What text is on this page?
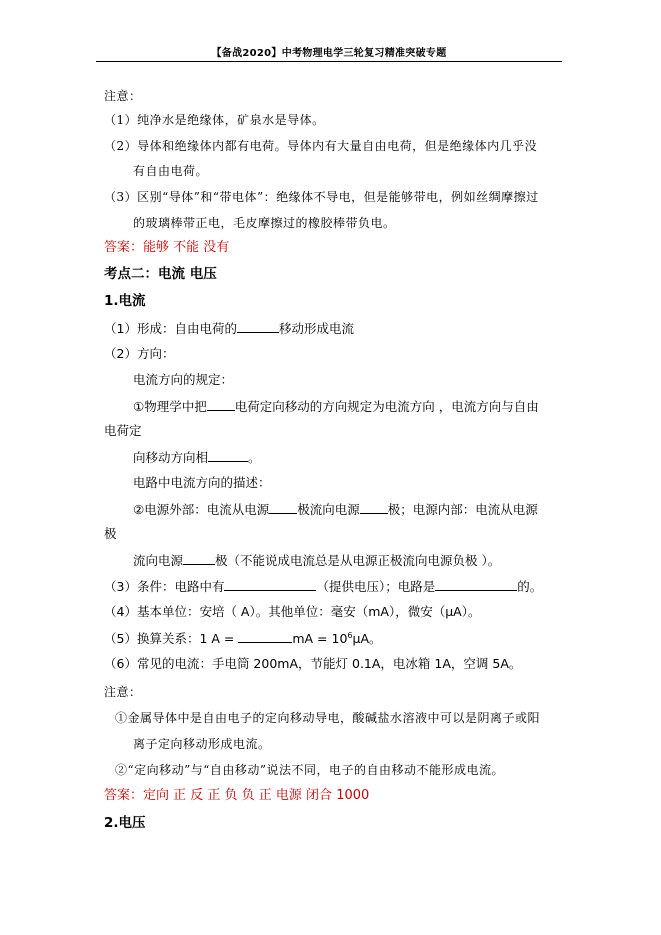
【备战2020】中考物理电学三轮复习精准突破专题
注意：
（1）纯净水是绝缘体，矿泉水是导体。
（2）导体和绝缘体内都有电荷。导体内有大量自由电荷，但是绝缘体内几乎没
有自由电荷。
（3）区别“导体”和“带电体”：绝缘体不导电，但是能够带电，例如丝绸摩擦过
的玻璃棒带正电，毛皮摩擦过的橡胶棒带负电。
答案：能够 不能 没有
考点二：电流 电压
1.电流
（1）形成：自由电荷的	移动形成电流
（2）方向：
电流方向的规定：
①物理学中把 电荷定向移动的方向规定为电流方向 ，电流方向与自由
电荷定
向移动方向相	。
电路中电流方向的描述：
②电源外部：电流从电源 极流向电源 极；电源内部：电流从电源
极
流向电源	极（不能说成电流总是从电源正极流向电源负极 ）。
（3）条件：电路中有	（提供电压）；电路是	的。
（4）基本单位：安培（ A）。其他单位：毫安（mA），微安（μA）。
（5）换算关系：1 A =	mA = $10^6\mu A$。
（6）常见的电流：手电筒 200mA，节能灯 0.1A，电冰箱 1A，空调 5A。
注意：
①金属导体中是自由电子的定向移动导电，酸碱盐水溶液中可以是阴离子或阳
离子定向移动形成电流。
②“定向移动”与“自由移动”说法不同，电子的自由移动不能形成电流。
答案：定向 正 反 正 负 负 正 电源 闭合 1000
2.电压
